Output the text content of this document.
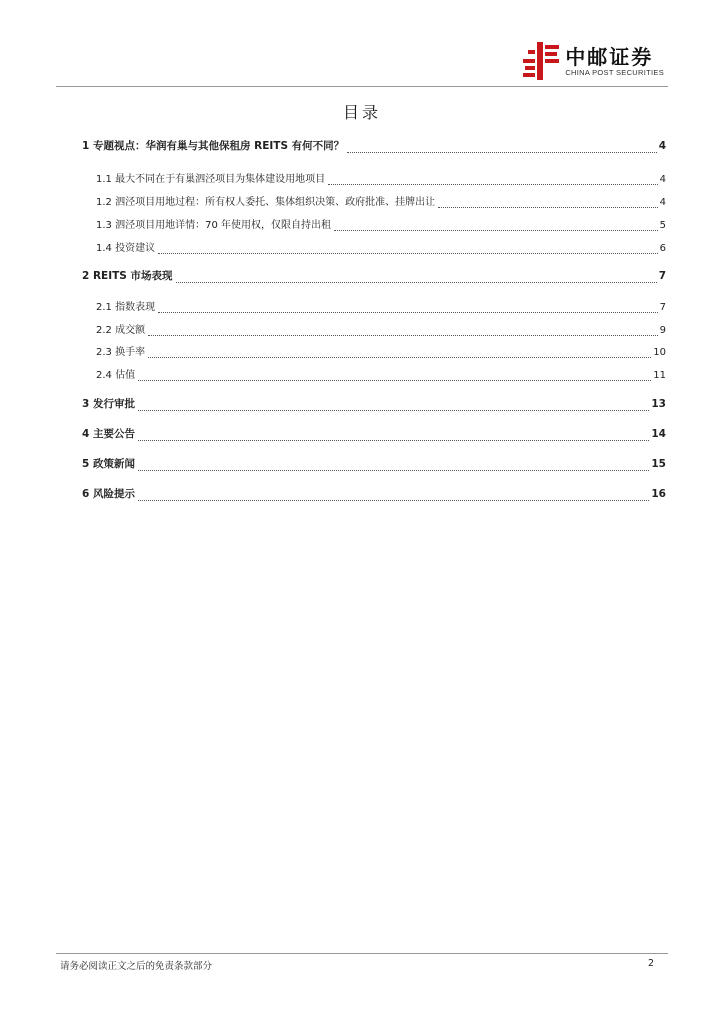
中邮证券
CHINA POST SECURITIES
目录
1 专题视点：华润有巢与其他保租房 REITS 有何不同？	4
1.1 最大不同在于有巢泗泾项目为集体建设用地项目	4
1.2 泗泾项目用地过程：所有权人委托、集体组织决策、政府批准、挂牌出让	4
1.3 泗泾项目用地详情：70 年使用权，仅限自持出租	5
1.4 投资建议	6
2 REITS 市场表现	7
2.1 指数表现	7
2.2 成交额	9
2.3 换手率	10
2.4 估值	11
3 发行审批	13
4 主要公告	14
5 政策新闻	15
6 风险提示	16
请务必阅读正文之后的免责条款部分	2
